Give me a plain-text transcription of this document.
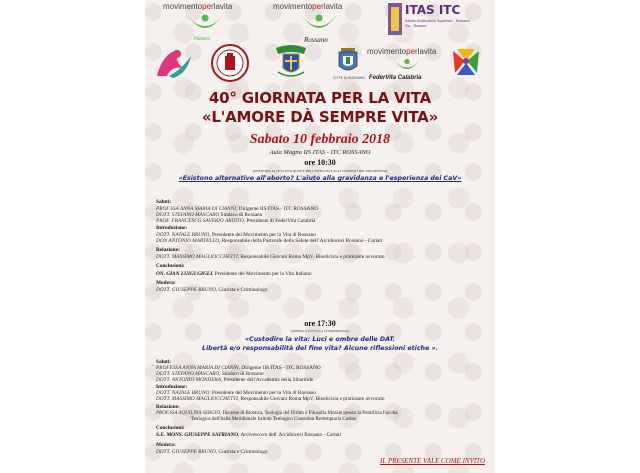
movimentoperlavita
Italiano
movimentoperlavita
Rossano
ITAS ITC
Istituto di Istruzione Superiore - Rossano
Via ... Rossano
CITTÀ DI ROSSANO
movimentoperlavita
FederVita Calabria
40° GIORNATA PER LA VITA
«L'AMORE DÀ SEMPRE VITA»
Sabato 10 febbraio 2018
Aula Magna IIS ITAS - ITC ROSSANO
ore 10:30
(RISERVATA ALLE CLASSI QUINTE DELL'ISTITUTO E AGLI STUDENTI DEL MOVIMENTO)
«Esistono alternative all'aborto? L'aiuto alla gravidanza e l'esperienza dei CaV»
Saluti:
PROF.SSA ANNA MARIA DI CIANNI, Dirigente IIS ITAS - ITC ROSSANO
DOTT. STEFANO MASCARO Sindaco di Rossano
PROF. FRANCESCO SAVERIO ARDITO, Presidente di FederVita Calabria
Introduzione:
DOTT. NATALE BRUNO, Presidente del Movimento per la Vita di Rossano
DON ANTONIO MARTELLO, Responsabile della Pastorale della Salute dell' Arcidiocesi Rossano - Cariati
Relazione:
DOTT. MASSIMO MAGLIOCCHETTI, Responsabile Giovani Roma MpV, Bioeticista e praticante avvocato
Conclusioni:
ON. GIAN LUIGI GIGLI, Presidente del Movimento per la Vita Italiano
Modera:
DOTT. GIUSEPPE BRUNO, Giurista e Criminologo
ore 17:30
(APERTA A TUTTA LA CITTADINANZA)
«Custodire la vita: Luci e ombre delle DAT.
Libertà e/o responsabilità del fine vita? Alcune riflessioni etiche ».
Saluti:
PROFESSA ANNA MARIA DI CIANNI, Dirigente IIS ITAS - ITC ROSSANO
DOTT. STEFANO MASCARO, Sindaco di Rossano
DOTT. ANTONIO MONDERA, Presidente dell'Accademia della Sibaritide
Introduzione:
DOTT. NATALE BRUNO, Presidente del Movimento per la Vita di Rossano
DOTT. MASSIMO MAGLIOCCHETTI, Responsabile Giovani Roma MpV, Bioeticista e praticante avvocato
Relazione:
PROF.SSA AQUILINA SERGIO, Docente di Bioetica, Teologia del Diritto e Filosofia Morale presso la Pontificia Facoltà
Teologica dell'Italia Meridionale Istituto Teologico Cosentino Redemptoris Custos
Conclusioni:
S.E. MONS. GIUSEPPE SATRIANO, Arcivescovo dell' Arcidiocesi Rossano - Cariati
Modera:
DOTT. GIUSEPPE BRUNO, Giurista e Criminologo
IL PRESENTE VALE COME INVITO
